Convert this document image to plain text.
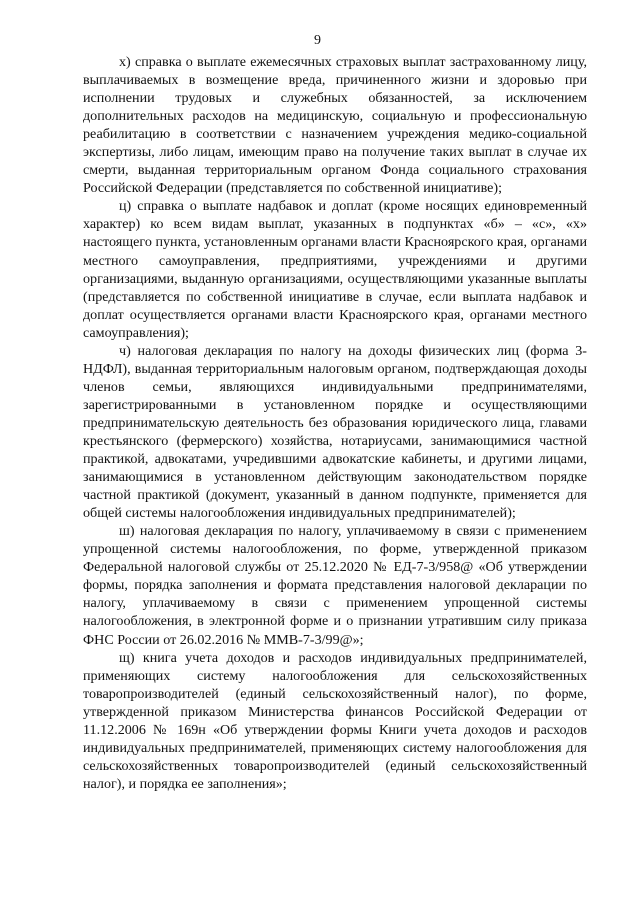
9

х) справка о выплате ежемесячных страховых выплат застрахованному лицу, выплачиваемых в возмещение вреда, причиненного жизни и здоровью при исполнении трудовых и служебных обязанностей, за исключением дополнительных расходов на медицинскую, социальную и профессиональную реабилитацию в соответствии с назначением учреждения медико-социальной экспертизы, либо лицам, имеющим право на получение таких выплат в случае их смерти, выданная территориальным органом Фонда социального страхования Российской Федерации (представляется по собственной инициативе);

ц) справка о выплате надбавок и доплат (кроме носящих единовременный характер) ко всем видам выплат, указанных в подпунктах «б» – «с», «х» настоящего пункта, установленным органами власти Красноярского края, органами местного самоуправления, предприятиями, учреждениями и другими организациями, выданную организациями, осуществляющими указанные выплаты (представляется по собственной инициативе в случае, если выплата надбавок и доплат осуществляется органами власти Красноярского края, органами местного самоуправления);

ч) налоговая декларация по налогу на доходы физических лиц (форма 3-НДФЛ), выданная территориальным налоговым органом, подтверждающая доходы членов семьи, являющихся индивидуальными предпринимателями, зарегистрированными в установленном порядке и осуществляющими предпринимательскую деятельность без образования юридического лица, главами крестьянского (фермерского) хозяйства, нотариусами, занимающимися частной практикой, адвокатами, учредившими адвокатские кабинеты, и другими лицами, занимающимися в установленном действующим законодательством порядке частной практикой (документ, указанный в данном подпункте, применяется для общей системы налогообложения индивидуальных предпринимателей);

ш) налоговая декларация по налогу, уплачиваемому в связи с применением упрощенной системы налогообложения, по форме, утвержденной приказом Федеральной налоговой службы от 25.12.2020 № ЕД-7-3/958@ «Об утверждении формы, порядка заполнения и формата представления налоговой декларации по налогу, уплачиваемому в связи с применением упрощенной системы налогообложения, в электронной форме и о признании утратившим силу приказа ФНС России от 26.02.2016 № ММВ-7-3/99@»;

щ) книга учета доходов и расходов индивидуальных предпринимателей, применяющих систему налогообложения для сельскохозяйственных товаропроизводителей (единый сельскохозяйственный налог), по форме, утвержденной приказом Министерства финансов Российской Федерации от 11.12.2006 № 169н «Об утверждении формы Книги учета доходов и расходов индивидуальных предпринимателей, применяющих систему налогообложения для сельскохозяйственных товаропроизводителей (единый сельскохозяйственный налог), и порядка ее заполнения»;
